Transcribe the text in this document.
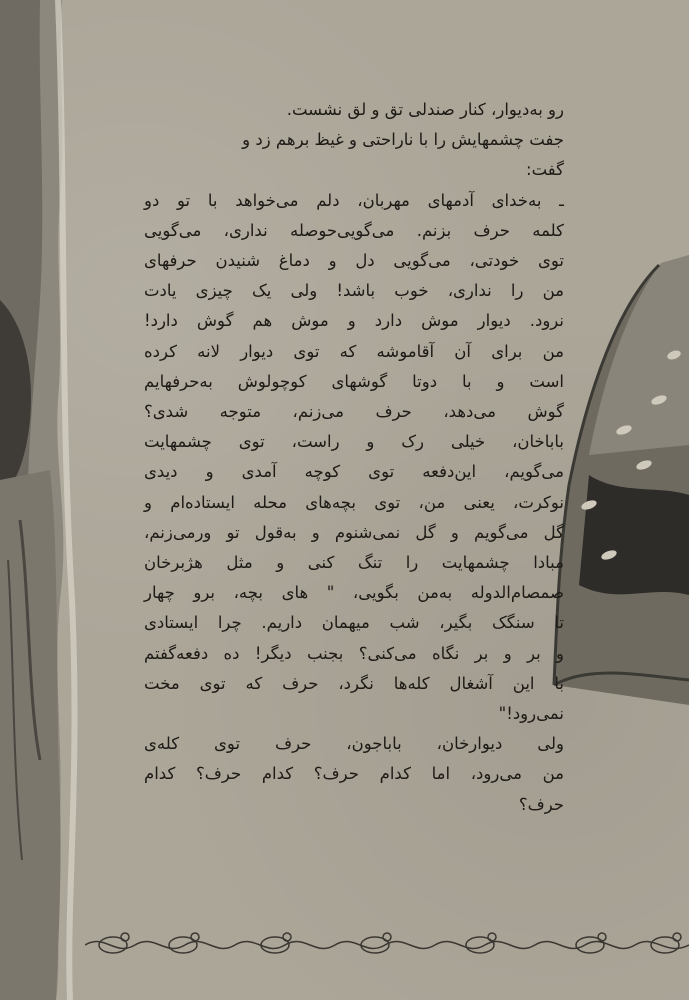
رو به‌دیوار، کنار صندلی تق و لق نشست.

جفت چشمهایش را با ناراحتی و غیظ برهم زد و

گفت:

ـ به‌خدای آدمهای مهربان، دلم می‌خواهد با تو دو
کلمه حرف بزنم. می‌گویی‌حوصله نداری، می‌گویی
توی خودتی، می‌گویی دل و دماغ شنیدن حرفهای
من را نداری، خوب باشد! ولی یک چیزی یادت
نرود. دیوار موش دارد و موش هم گوش دارد!
من برای آن آقاموشه که توی دیوار لانه کرده
است و با دوتا گوشهای کوچولوش به‌حرفهایم
گوش می‌دهد، حرف می‌زنم، متوجه شدی؟
باباخان، خیلی رک و راست، توی چشمهایت
می‌گویم، این‌دفعه توی کوچه آمدی و دیدی
نوکرت، یعنی من، توی بچه‌های محله ایستاده‌ام و
گل می‌گویم و گل نمی‌شنوم و به‌قول تو ورمی‌زنم،
مبادا چشمهایت را تنگ کنی و مثل هژبرخان
صمصام‌الدوله به‌من بگویی، " های بچه، برو چهار
تا سنگک بگیر، شب میهمان داریم. چرا ایستادی
و بر و بر نگاه می‌کنی؟ بجنب دیگر! ده دفعه‌گفتم
با این آشغال کله‌ها نگرد، حرف که توی مخت
نمی‌رود!"

ولی دیوارخان، باباجون، حرف توی کله‌ی
من می‌رود، اما کدام حرف؟ کدام حرف؟ کدام
حرف؟
